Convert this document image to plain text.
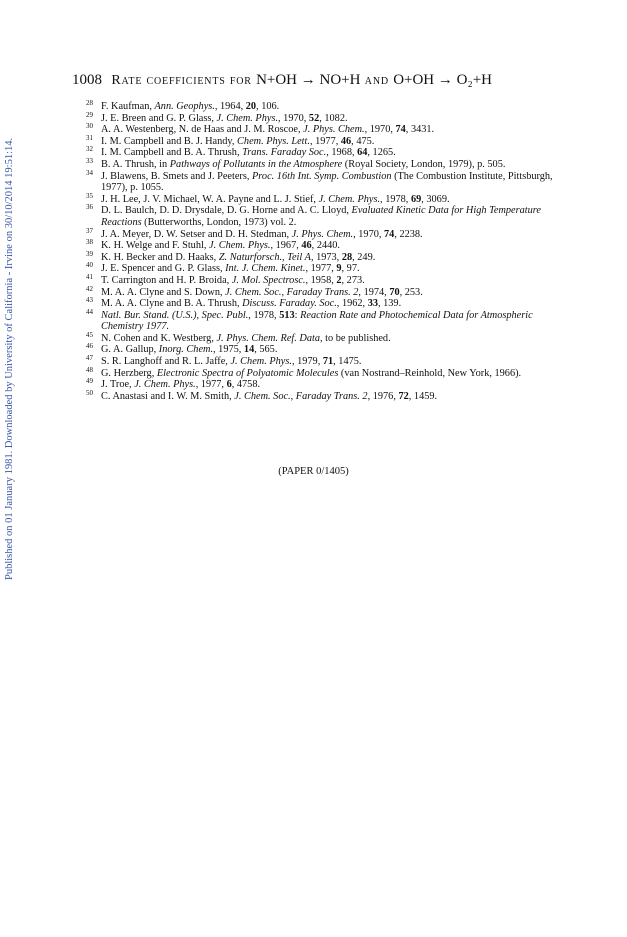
Published on 01 January 1981. Downloaded by University of California - Irvine on 30/10/2014 19:51:14.
1008 Rate coefficients for N+OH → NO+H and O+OH → O₂+H
28 F. Kaufman, Ann. Geophys., 1964, 20, 106.
29 J. E. Breen and G. P. Glass, J. Chem. Phys., 1970, 52, 1082.
30 A. A. Westenberg, N. de Haas and J. M. Roscoe, J. Phys. Chem., 1970, 74, 3431.
31 I. M. Campbell and B. J. Handy, Chem. Phys. Lett., 1977, 46, 475.
32 I. M. Campbell and B. A. Thrush, Trans. Faraday Soc., 1968, 64, 1265.
33 B. A. Thrush, in Pathways of Pollutants in the Atmosphere (Royal Society, London, 1979), p. 505.
34 J. Blawens, B. Smets and J. Peeters, Proc. 16th Int. Symp. Combustion (The Combustion Institute, Pittsburgh, 1977), p. 1055.
35 J. H. Lee, J. V. Michael, W. A. Payne and L. J. Stief, J. Chem. Phys., 1978, 69, 3069.
36 D. L. Baulch, D. D. Drysdale, D. G. Horne and A. C. Lloyd, Evaluated Kinetic Data for High Temperature Reactions (Butterworths, London, 1973) vol. 2.
37 J. A. Meyer, D. W. Setser and D. H. Stedman, J. Phys. Chem., 1970, 74, 2238.
38 K. H. Welge and F. Stuhl, J. Chem. Phys., 1967, 46, 2440.
39 K. H. Becker and D. Haaks, Z. Naturforsch., Teil A, 1973, 28, 249.
40 J. E. Spencer and G. P. Glass, Int. J. Chem. Kinet., 1977, 9, 97.
41 T. Carrington and H. P. Broida, J. Mol. Spectrosc., 1958, 2, 273.
42 M. A. A. Clyne and S. Down, J. Chem. Soc., Faraday Trans. 2, 1974, 70, 253.
43 M. A. A. Clyne and B. A. Thrush, Discuss. Faraday. Soc., 1962, 33, 139.
44 Natl. Bur. Stand. (U.S.), Spec. Publ., 1978, 513: Reaction Rate and Photochemical Data for Atmospheric Chemistry 1977.
45 N. Cohen and K. Westberg, J. Phys. Chem. Ref. Data, to be published.
46 G. A. Gallup, Inorg. Chem., 1975, 14, 565.
47 S. R. Langhoff and R. L. Jaffe, J. Chem. Phys., 1979, 71, 1475.
48 G. Herzberg, Electronic Spectra of Polyatomic Molecules (van Nostrand–Reinhold, New York, 1966).
49 J. Troe, J. Chem. Phys., 1977, 6, 4758.
50 C. Anastasi and I. W. M. Smith, J. Chem. Soc., Faraday Trans. 2, 1976, 72, 1459.
(PAPER 0/1405)
